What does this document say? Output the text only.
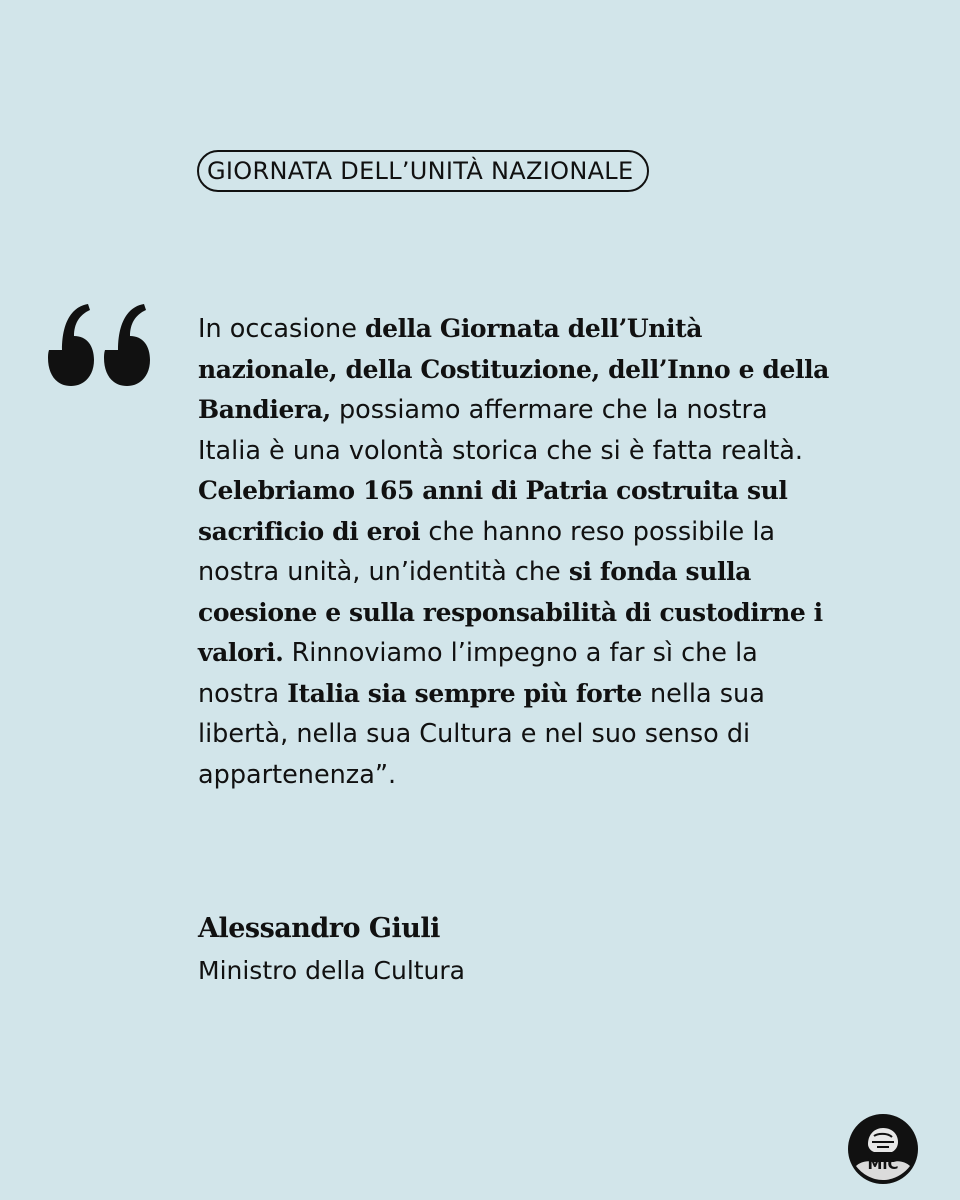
GIORNATA DELL’UNITÀ NAZIONALE

In occasione della Giornata dell’Unità nazionale, della Costituzione, dell’Inno e della Bandiera, possiamo affermare che la nostra Italia è una volontà storica che si è fatta realtà. Celebriamo 165 anni di Patria costruita sul sacrificio di eroi che hanno reso possibile la nostra unità, un’identità che si fonda sulla coesione e sulla responsabilità di custodirne i valori. Rinnoviamo l’impegno a far sì che la nostra Italia sia sempre più forte nella sua libertà, nella sua Cultura e nel suo senso di appartenenza”.

Alessandro Giuli
Ministro della Cultura
MiC
